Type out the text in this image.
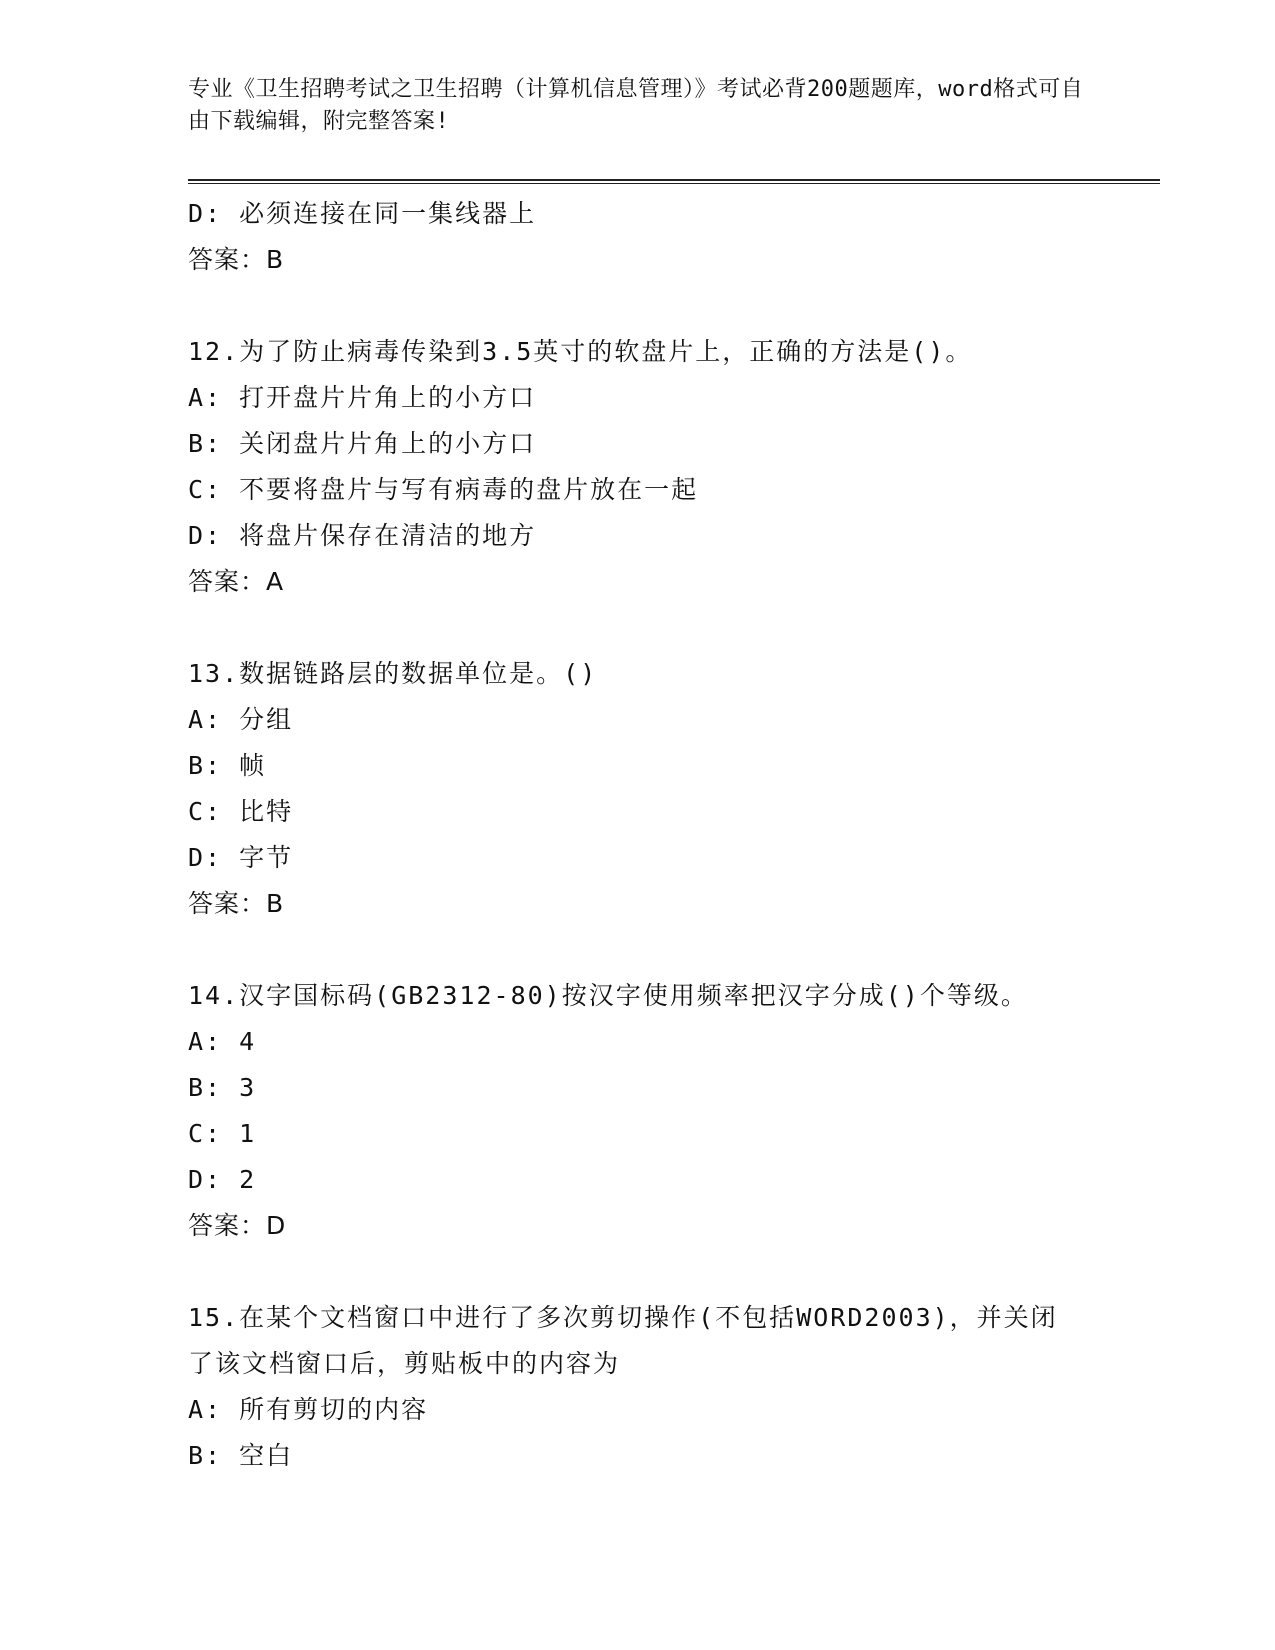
专业《卫生招聘考试之卫生招聘（计算机信息管理）》考试必背200题题库，word格式可自由下载编辑，附完整答案!
D: 必须连接在同一集线器上
答案：B
12.为了防止病毒传染到3.5英寸的软盘片上，正确的方法是()。
A: 打开盘片片角上的小方口
B: 关闭盘片片角上的小方口
C: 不要将盘片与写有病毒的盘片放在一起
D: 将盘片保存在清洁的地方
答案：A
13.数据链路层的数据单位是。()
A: 分组
B: 帧
C: 比特
D: 字节
答案：B
14.汉字国标码(GB2312-80)按汉字使用频率把汉字分成()个等级。
A: 4
B: 3
C: 1
D: 2
答案：D
15.在某个文档窗口中进行了多次剪切操作(不包括WORD2003)，并关闭了该文档窗口后，剪贴板中的内容为
A: 所有剪切的内容
B: 空白
